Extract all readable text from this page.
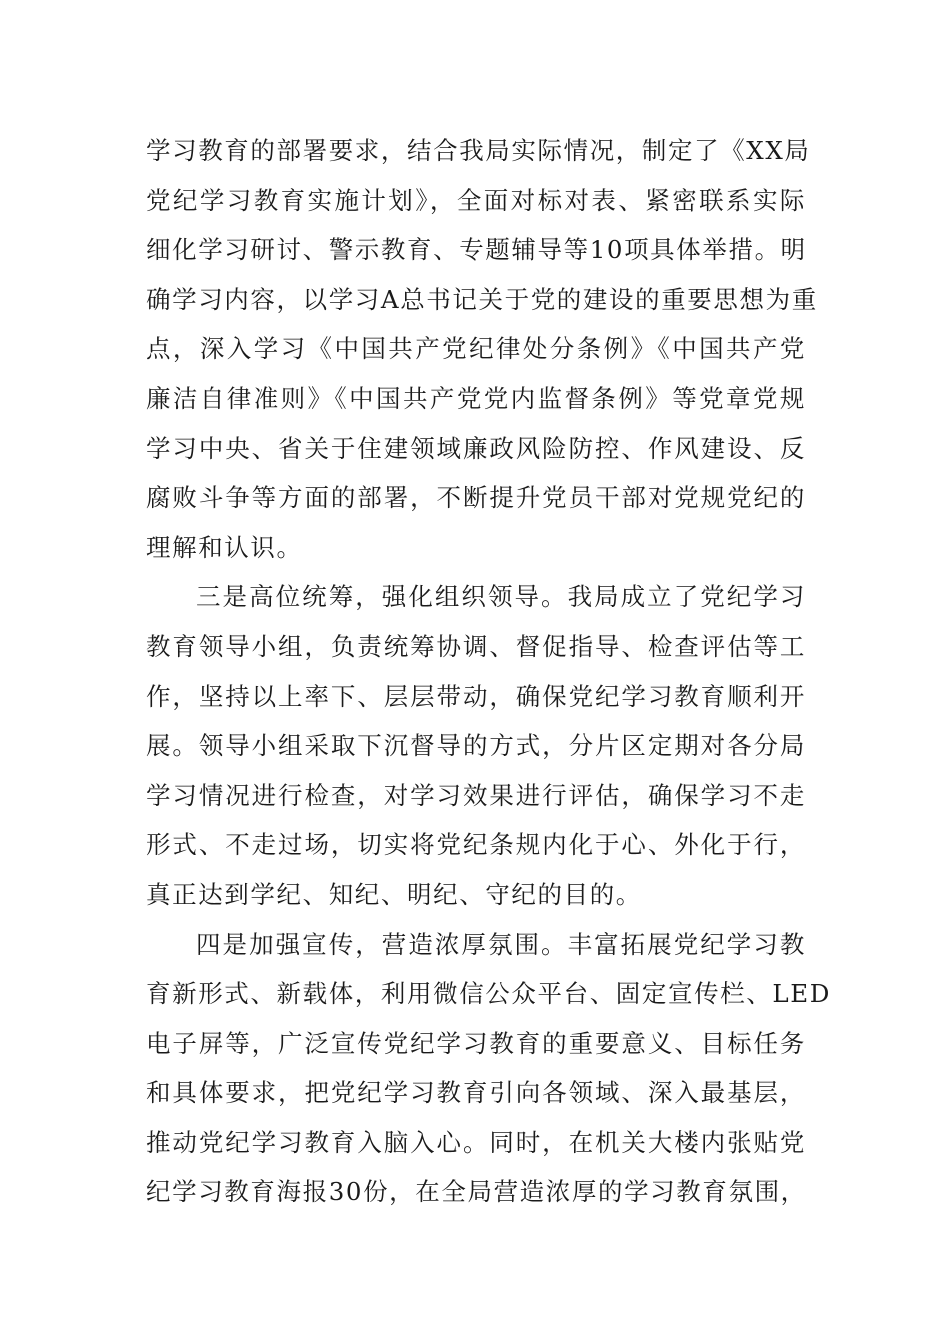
学习教育的部署要求，结合我局实际情况，制定了《XX局
党纪学习教育实施计划》，全面对标对表、紧密联系实际
细化学习研讨、警示教育、专题辅导等10项具体举措。明
确学习内容，以学习A总书记关于党的建设的重要思想为重
点，深入学习《中国共产党纪律处分条例》《中国共产党
廉洁自律准则》《中国共产党党内监督条例》等党章党规
学习中央、省关于住建领域廉政风险防控、作风建设、反
腐败斗争等方面的部署，不断提升党员干部对党规党纪的
理解和认识。
三是高位统筹，强化组织领导。我局成立了党纪学习
教育领导小组，负责统筹协调、督促指导、检查评估等工
作，坚持以上率下、层层带动，确保党纪学习教育顺利开
展。领导小组采取下沉督导的方式，分片区定期对各分局
学习情况进行检查，对学习效果进行评估，确保学习不走
形式、不走过场，切实将党纪条规内化于心、外化于行，
真正达到学纪、知纪、明纪、守纪的目的。
四是加强宣传，营造浓厚氛围。丰富拓展党纪学习教
育新形式、新载体，利用微信公众平台、固定宣传栏、LED
电子屏等，广泛宣传党纪学习教育的重要意义、目标任务
和具体要求，把党纪学习教育引向各领域、深入最基层，
推动党纪学习教育入脑入心。同时，在机关大楼内张贴党
纪学习教育海报30份，在全局营造浓厚的学习教育氛围，
